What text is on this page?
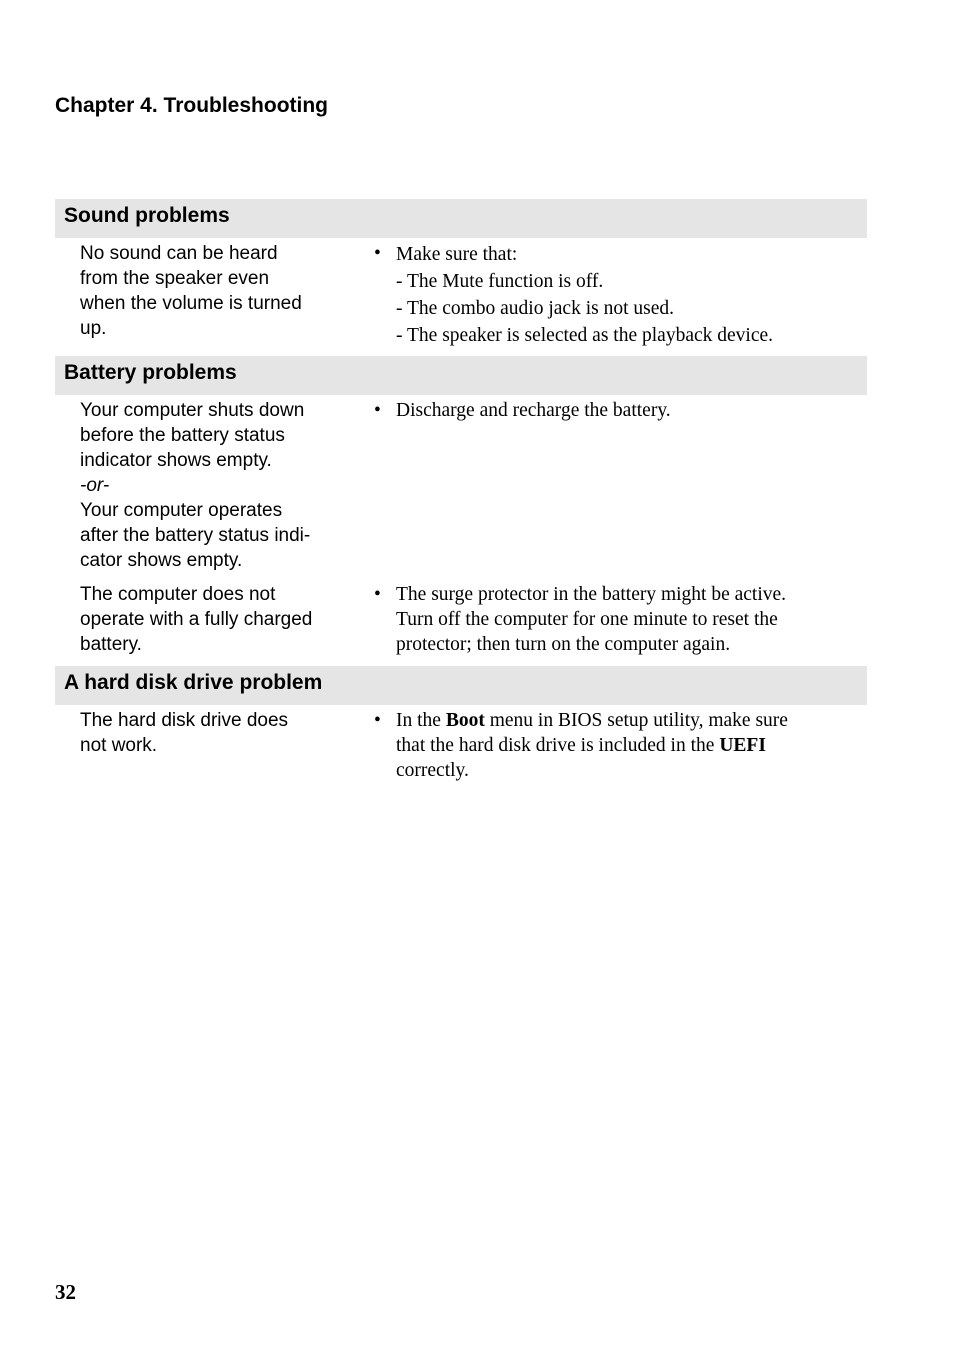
Chapter 4. Troubleshooting
Sound problems
No sound can be heard
from the speaker even
when the volume is turned
up.
• Make sure that:
- The Mute function is off.
- The combo audio jack is not used.
- The speaker is selected as the playback device.
Battery problems
Your computer shuts down
before the battery status
indicator shows empty.
-or-
Your computer operates
after the battery status indi-
cator shows empty.
• Discharge and recharge the battery.
The computer does not
operate with a fully charged
battery.
• The surge protector in the battery might be active.
Turn off the computer for one minute to reset the
protector; then turn on the computer again.
A hard disk drive problem
The hard disk drive does
not work.
• In the Boot menu in BIOS setup utility, make sure
that the hard disk drive is included in the UEFI
correctly.
32
